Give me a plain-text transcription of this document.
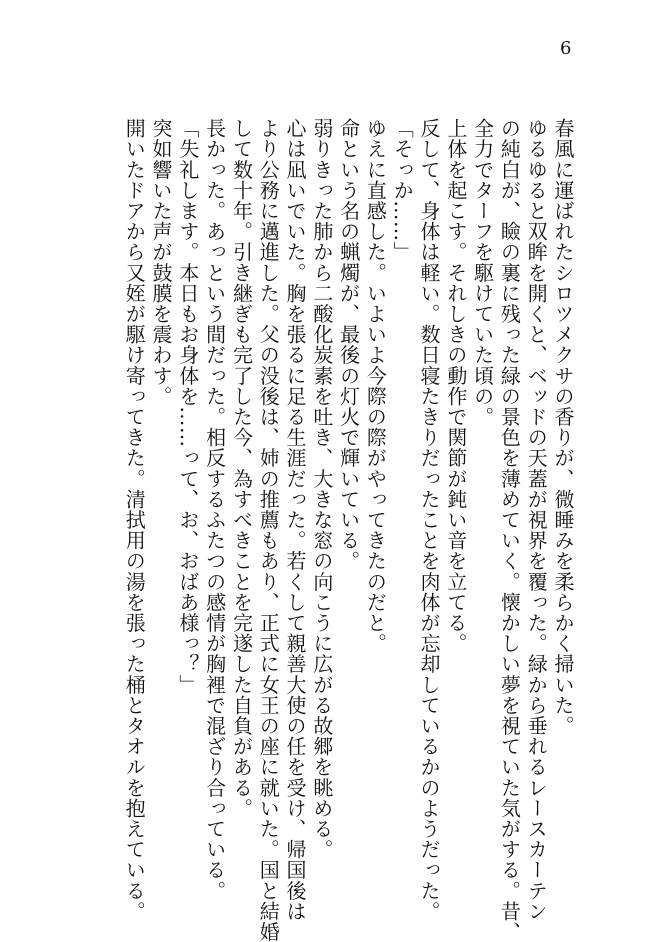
6

春風に運ばれたシロツメクサの香りが、微睡みを柔らかく掃いた。

ゆるゆると双眸を開くと、ベッドの天蓋が視界を覆った。緑から垂れるレースカーテン

の純白が、瞼の裏に残った緑の景色を薄めていく。懐かしい夢を視ていた気がする。昔、

全力でターフを駆けていた頃の。

上体を起こす。それしきの動作で関節が鈍い音を立てる。

反して、身体は軽い。数日寝たきりだったことを肉体が忘却しているかのようだった。

「そっか……」

ゆえに直感した。いよいよ今際の際がやってきたのだと。

命という名の蝋燭が、最後の灯火で輝いている。

弱りきった肺から二酸化炭素を吐き、大きな窓の向こうに広がる故郷を眺める。

心は凪いでいた。胸を張るに足る生涯だった。若くして親善大使の任を受け、帰国後は

より公務に邁進した。父の没後は、姉の推薦もあり、正式に女王の座に就いた。国と結婚

して数十年。引き継ぎも完了した今、為すべきことを完遂した自負がある。

長かった。あっという間だった。相反するふたつの感情が胸裡で混ざり合っている。

「失礼します。本日もお身体を……って、お、おばあ様っ？」

突如響いた声が鼓膜を震わす。

開いたドアから又姪が駆け寄ってきた。清拭用の湯を張った桶とタオルを抱えている。
